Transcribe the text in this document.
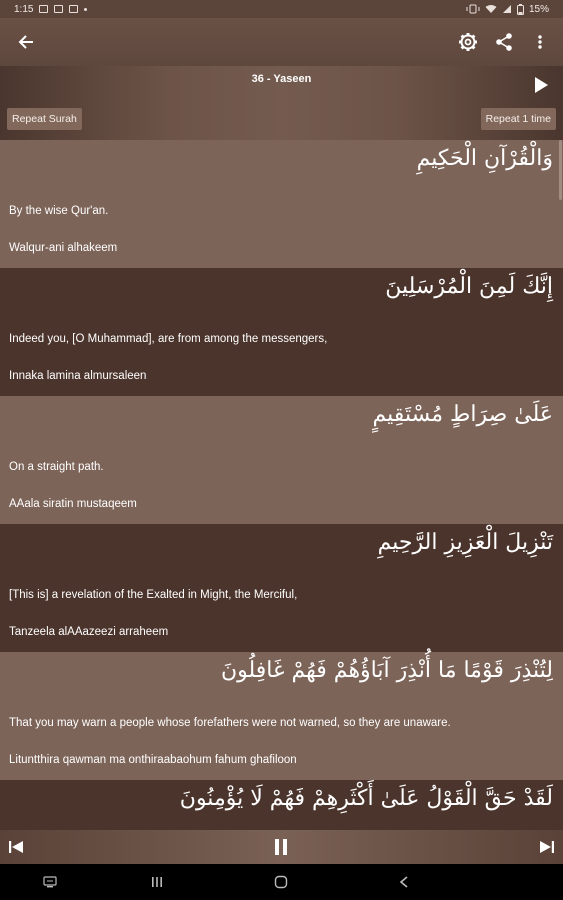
1:15	15%
36 - Yaseen
Repeat Surah	Repeat 1 time
وَالْقُرْآنِ الْحَكِيمِ
By the wise Qur'an.
Walqur-ani alhakeem
إِنَّكَ لَمِنَ الْمُرْسَلِينَ
Indeed you, [O Muhammad], are from among the messengers,
Innaka lamina almursaleen
عَلَىٰ صِرَاطٍ مُسْتَقِيمٍ
On a straight path.
AAala siratin mustaqeem
تَنْزِيلَ الْعَزِيزِ الرَّحِيمِ
[This is] a revelation of the Exalted in Might, the Merciful,
Tanzeela alAAazeezi arraheem
لِتُنْذِرَ قَوْمًا مَا أُنْذِرَ آبَاؤُهُمْ فَهُمْ غَافِلُونَ
That you may warn a people whose forefathers were not warned, so they are unaware.
Lituntthira qawman ma onthiraabaohum fahum ghafiloon
لَقَدْ حَقَّ الْقَوْلُ عَلَىٰ أَكْثَرِهِمْ فَهُمْ لَا يُؤْمِنُونَ
